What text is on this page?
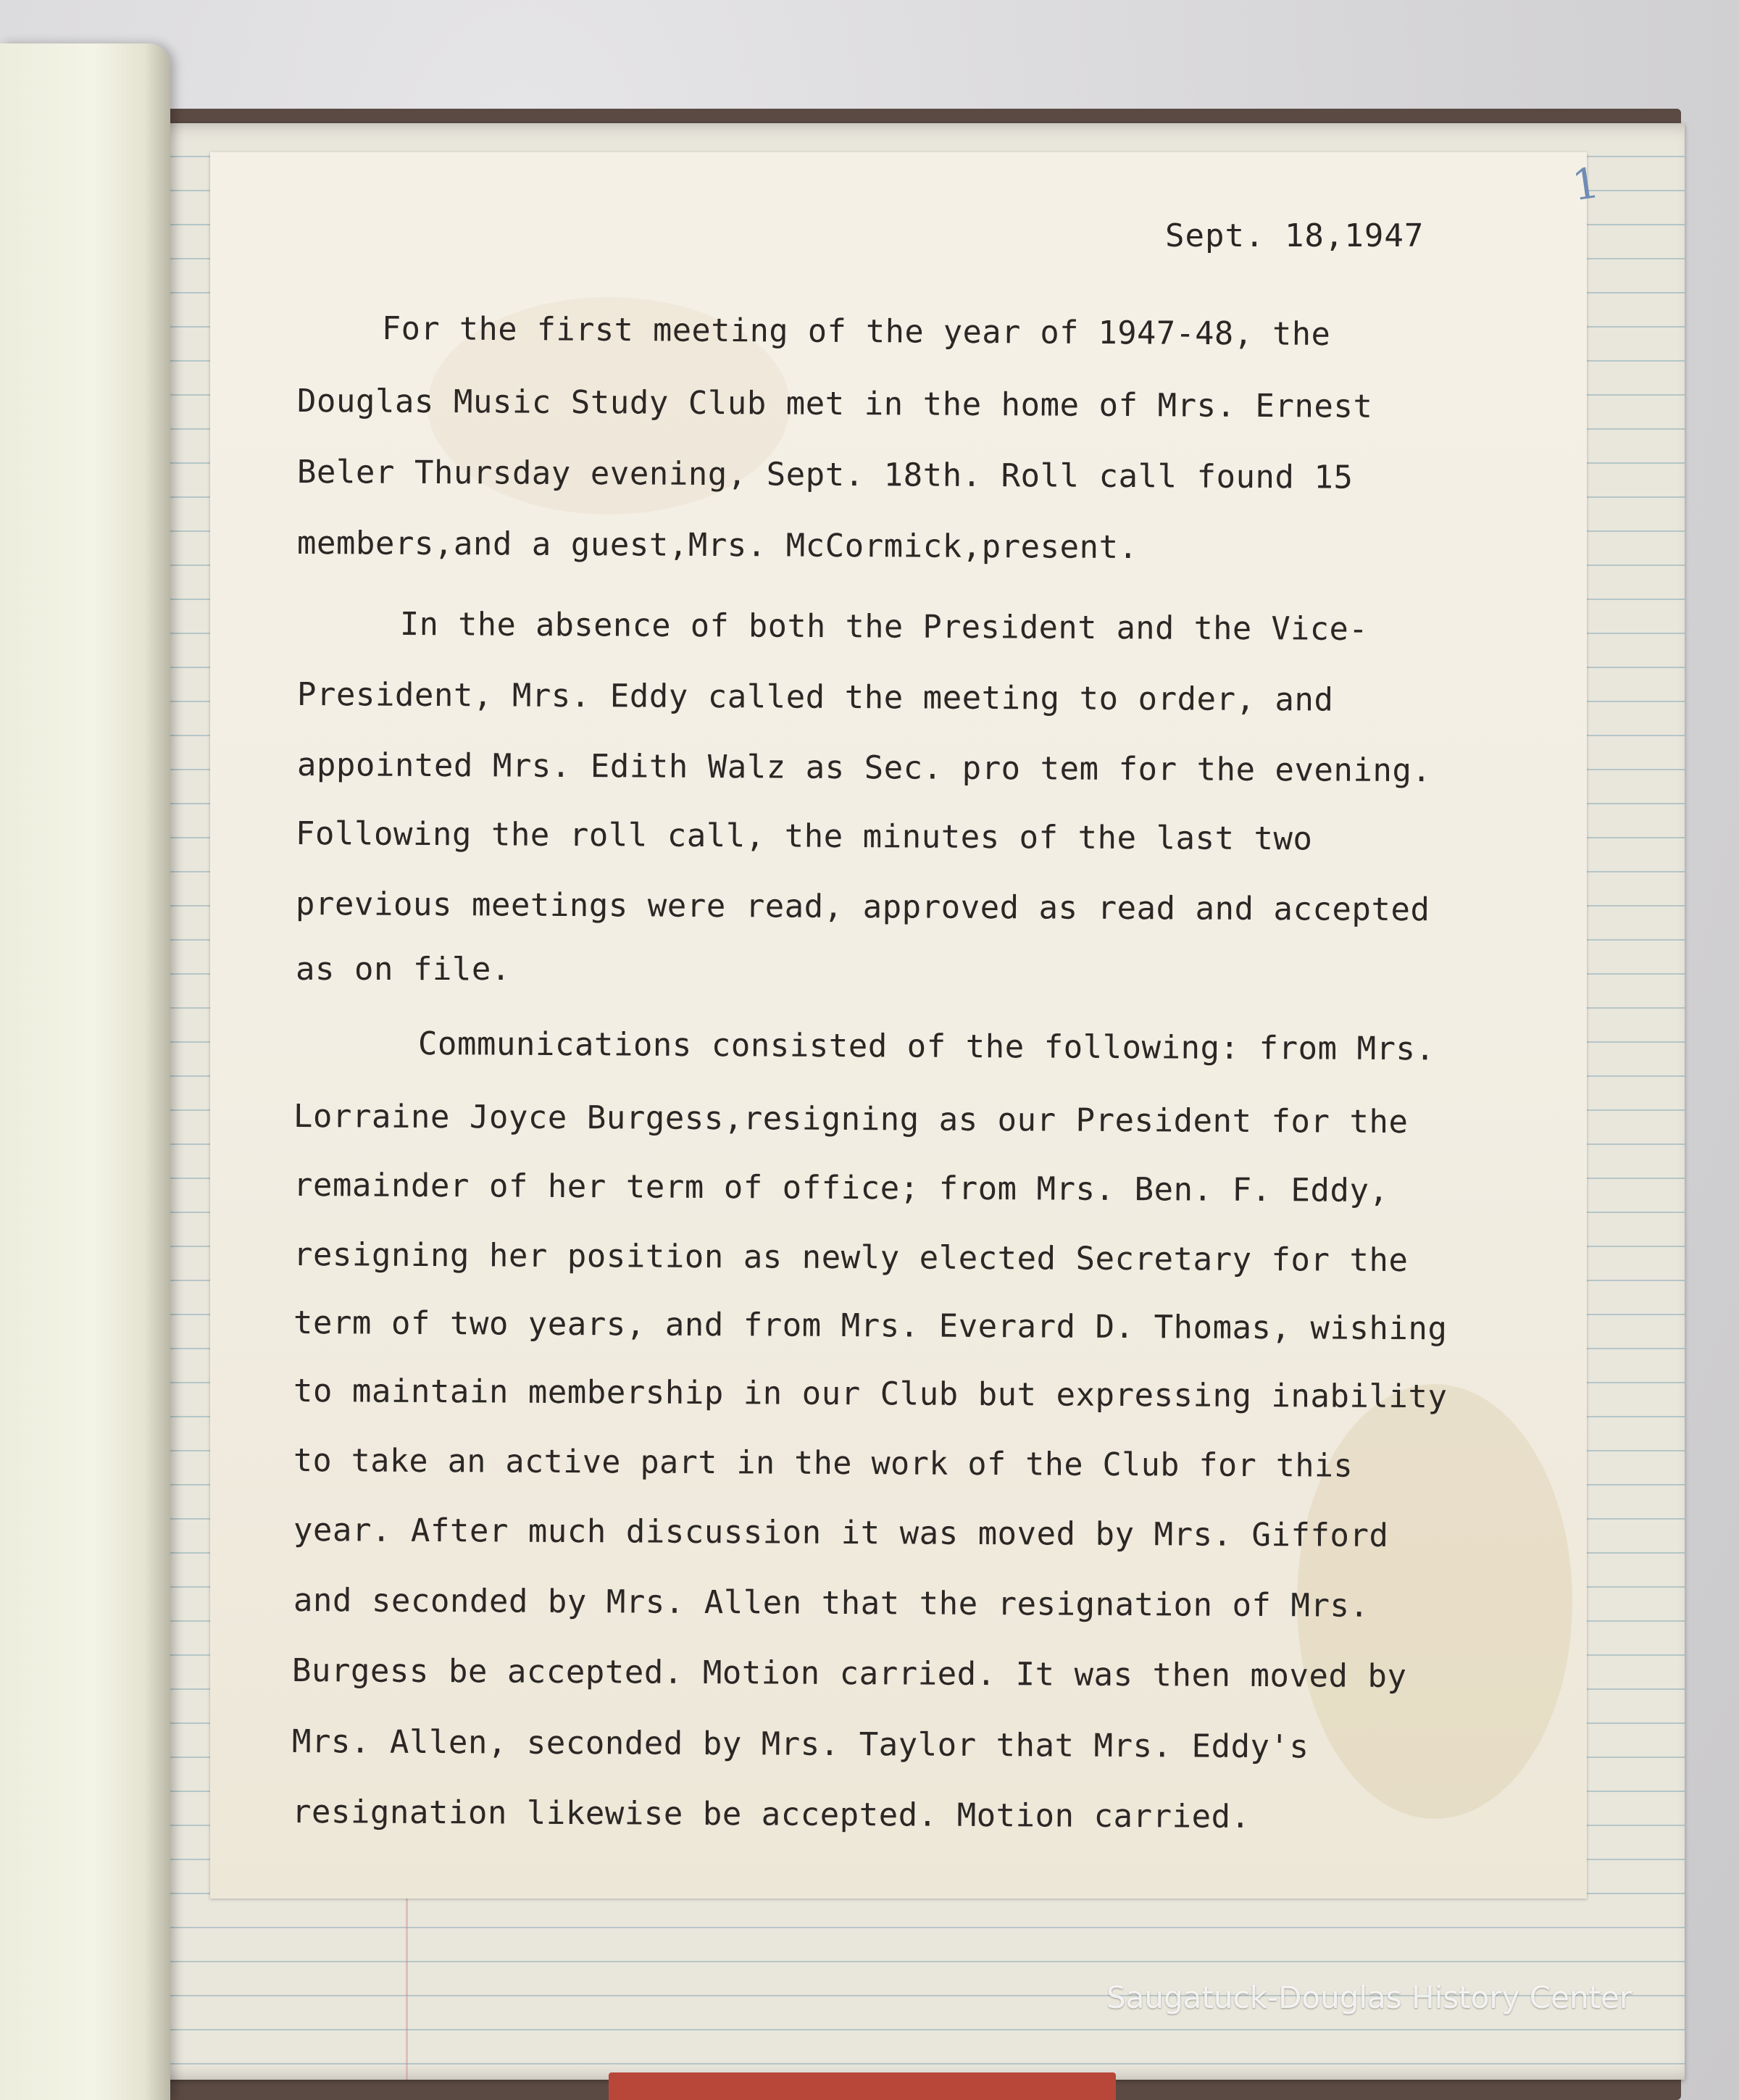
1
Sept. 18,1947
For the first meeting of the year of 1947-48, the
Douglas Music Study Club met in the home of Mrs. Ernest
Beler Thursday evening, Sept. 18th. Roll call found 15
members,and a guest,Mrs. McCormick,present.
In the absence of both the President and the Vice-
President, Mrs. Eddy called the meeting to order, and
appointed Mrs. Edith Walz as Sec. pro tem for the evening.
Following the roll call, the minutes of the last two
previous meetings were read, approved as read and accepted
as on file.
Communications consisted of the following: from Mrs.
Lorraine Joyce Burgess,resigning as our President for the
remainder of her term of office; from Mrs. Ben. F. Eddy,
resigning her position as newly elected Secretary for the
term of two years, and from Mrs. Everard D. Thomas, wishing
to maintain membership in our Club but expressing inability
to take an active part in the work of the Club for this
year. After much discussion it was moved by Mrs. Gifford
and seconded by Mrs. Allen that the resignation of Mrs.
Burgess be accepted. Motion carried. It was then moved by
Mrs. Allen, seconded by Mrs. Taylor that Mrs. Eddy's
resignation likewise be accepted. Motion carried.
Saugatuck-Douglas History Center
